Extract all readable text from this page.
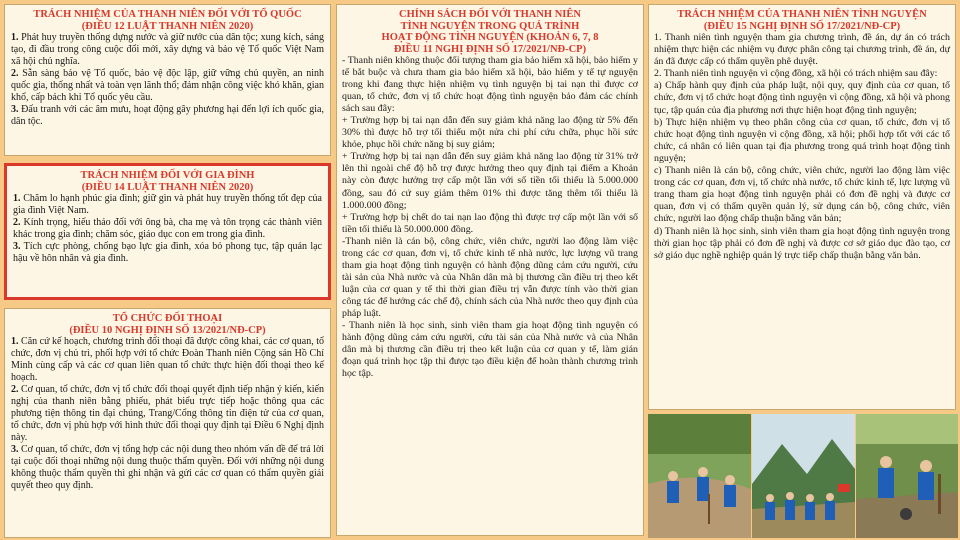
TRÁCH NHIỆM CỦA THANH NIÊN ĐỐI VỚI TỔ QUỐC
(ĐIỀU 12 LUẬT THANH NIÊN 2020)

1. Phát huy truyền thống dựng nước và giữ nước của dân tộc; xung kích, sáng tạo, đi đầu trong công cuộc đổi mới, xây dựng và bảo vệ Tổ quốc Việt Nam xã hội chủ nghĩa.

2. Sẵn sàng bảo vệ Tổ quốc, bảo vệ độc lập, giữ vững chủ quyền, an ninh quốc gia, thống nhất và toàn vẹn lãnh thổ; đảm nhận công việc khó khăn, gian khổ, cấp bách khi Tổ quốc yêu cầu.

3. Đấu tranh với các âm mưu, hoạt động gây phương hại đến lợi ích quốc gia, dân tộc.

TRÁCH NHIỆM ĐỐI VỚI GIA ĐÌNH
(ĐIỀU 14 LUẬT THANH NIÊN 2020)

1. Chăm lo hạnh phúc gia đình; giữ gìn và phát huy truyền thống tốt đẹp của gia đình Việt Nam.

2. Kính trọng, hiếu thảo đối với ông bà, cha mẹ và tôn trọng các thành viên khác trong gia đình; chăm sóc, giáo dục con em trong gia đình.

3. Tích cực phòng, chống bạo lực gia đình, xóa bỏ phong tục, tập quán lạc hậu về hôn nhân và gia đình.

TỔ CHỨC ĐỐI THOẠI
(ĐIỀU 10 NGHỊ ĐỊNH SỐ 13/2021/NĐ-CP)

1. Căn cứ kế hoạch, chương trình đối thoại đã được công khai, các cơ quan, tổ chức, đơn vị chủ trì, phối hợp với tổ chức Đoàn Thanh niên Cộng sản Hồ Chí Minh cùng cấp và các cơ quan liên quan tổ chức thực hiện đối thoại theo kế hoạch.

2. Cơ quan, tổ chức, đơn vị tổ chức đối thoại quyết định tiếp nhận ý kiến, kiến nghị của thanh niên bằng phiếu, phát biểu trực tiếp hoặc thông qua các phương tiện thông tin đại chúng, Trang/Cổng thông tin điện tử của cơ quan, tổ chức, đơn vị phù hợp với hình thức đối thoại quy định tại Điều 6 Nghị định này.

3. Cơ quan, tổ chức, đơn vị tổng hợp các nội dung theo nhóm vấn đề để trả lời tại cuộc đối thoại những nội dung thuộc thẩm quyền. Đối với những nội dung không thuộc thẩm quyền thì ghi nhận và gửi các cơ quan có thẩm quyền giải quyết theo quy định.

CHÍNH SÁCH ĐỐI VỚI THANH NIÊN
TÌNH NGUYỆN TRONG QUÁ TRÌNH
HOẠT ĐỘNG TÌNH NGUYỆN (KHOẢN 6, 7, 8
ĐIỀU 11 NGHỊ ĐỊNH SỐ 17/2021/NĐ-CP)

- Thanh niên không thuộc đối tượng tham gia bảo hiểm xã hội, bảo hiểm y tế bắt buộc và chưa tham gia bảo hiểm xã hội, bảo hiểm y tế tự nguyện trong khi đang thực hiện nhiệm vụ tình nguyện bị tai nạn thì được cơ quan, tổ chức, đơn vị tổ chức hoạt động tình nguyện bảo đảm các chính sách sau đây:

+ Trường hợp bị tai nạn dẫn đến suy giảm khả năng lao động từ 5% đến 30% thì được hỗ trợ tối thiểu một nửa chi phí cứu chữa, phục hồi sức khỏe, phục hồi chức năng bị suy giảm;

+ Trường hợp bị tai nạn dẫn đến suy giảm khả năng lao động từ 31% trở lên thì ngoài chế độ hỗ trợ được hưởng theo quy định tại điểm a Khoản này còn được hưởng trợ cấp một lần với số tiền tối thiểu là 5.000.000 đồng, sau đó cứ suy giảm thêm 01% thì được tăng thêm tối thiểu là 1.000.000 đồng;

+ Trường hợp bị chết do tai nạn lao động thì được trợ cấp một lần với số tiền tối thiểu là 50.000.000 đồng.

-Thanh niên là cán bộ, công chức, viên chức, người lao động làm việc trong các cơ quan, đơn vị, tổ chức kinh tế nhà nước, lực lượng vũ trang tham gia hoạt động tình nguyện có hành động dũng cảm cứu người, cứu tài sản của Nhà nước và của Nhân dân mà bị thương cần điều trị theo kết luận của cơ quan y tế thì thời gian điều trị vẫn được tính vào thời gian công tác để hưởng các chế độ, chính sách của Nhà nước theo quy định của pháp luật.

- Thanh niên là học sinh, sinh viên tham gia hoạt động tình nguyện có hành động dũng cảm cứu người, cứu tài sản của Nhà nước và của Nhân dân mà bị thương cần điều trị theo kết luận của cơ quan y tế, làm gián đoạn quá trình học tập thì được tạo điều kiện để hoàn thành chương trình học tập.

TRÁCH NHIỆM CỦA THANH NIÊN TÌNH NGUYỆN
(ĐIỀU 15 NGHỊ ĐỊNH SỐ 17/2021/NĐ-CP)

1. Thanh niên tình nguyện tham gia chương trình, đề án, dự án có trách nhiệm thực hiện các nhiệm vụ được phân công tại chương trình, đề án, dự án đã được cấp có thẩm quyền phê duyệt.

2. Thanh niên tình nguyện vì cộng đồng, xã hội có trách nhiệm sau đây:

a) Chấp hành quy định của pháp luật, nội quy, quy định của cơ quan, tổ chức, đơn vị tổ chức hoạt động tình nguyện vì cộng đồng, xã hội và phong tục, tập quán của địa phương nơi thực hiện hoạt động tình nguyện;

b) Thực hiện nhiệm vụ theo phân công của cơ quan, tổ chức, đơn vị tổ chức hoạt động tình nguyện vì cộng đồng, xã hội; phối hợp tốt với các tổ chức, cá nhân có liên quan tại địa phương trong quá trình hoạt động tình nguyện;

c) Thanh niên là cán bộ, công chức, viên chức, người lao động làm việc trong các cơ quan, đơn vị, tổ chức nhà nước, tổ chức kinh tế, lực lượng vũ trang tham gia hoạt động tình nguyện phải có đơn đề nghị và được cơ quan, đơn vị có thẩm quyền quản lý, sử dụng cán bộ, công chức, viên chức, người lao động chấp thuận bằng văn bản;

d) Thanh niên là học sinh, sinh viên tham gia hoạt động tình nguyện trong thời gian học tập phải có đơn đề nghị và được cơ sở giáo dục đào tạo, cơ sở giáo dục nghề nghiệp quản lý trực tiếp chấp thuận bằng văn bản.
